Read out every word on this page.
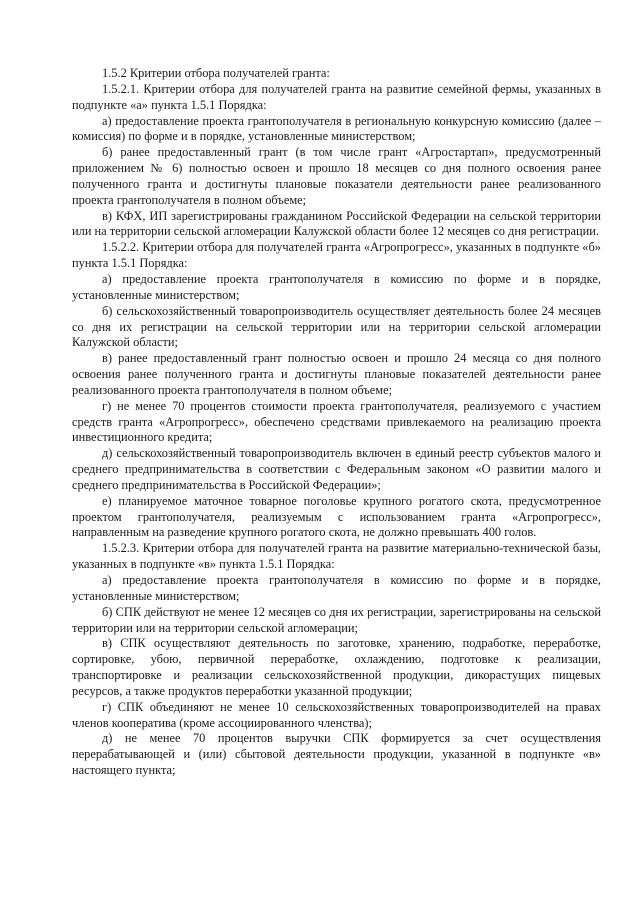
1.5.2 Критерии отбора получателей гранта:

1.5.2.1. Критерии отбора для получателей гранта на развитие семейной фермы, указанных в подпункте «а» пункта 1.5.1 Порядка:

а) предоставление проекта грантополучателя в региональную конкурсную комиссию (далее – комиссия) по форме и в порядке, установленные министерством;

б) ранее предоставленный грант (в том числе грант «Агростартап», предусмотренный приложением № 6) полностью освоен и прошло 18 месяцев со дня полного освоения ранее полученного гранта и достигнуты плановые показатели деятельности ранее реализованного проекта грантополучателя в полном объеме;

в) КФХ, ИП зарегистрированы гражданином Российской Федерации на сельской территории или на территории сельской агломерации Калужской области более 12 месяцев со дня регистрации.

1.5.2.2. Критерии отбора для получателей гранта «Агропрогресс», указанных в подпункте «б» пункта 1.5.1 Порядка:

а) предоставление проекта грантополучателя в комиссию по форме и в порядке, установленные министерством;

б) сельскохозяйственный товаропроизводитель осуществляет деятельность более 24 месяцев со дня их регистрации на сельской территории или на территории сельской агломерации Калужской области;

в) ранее предоставленный грант полностью освоен и прошло 24 месяца со дня полного освоения ранее полученного гранта и достигнуты плановые показателей деятельности ранее реализованного проекта грантополучателя в полном объеме;

г) не менее 70 процентов стоимости проекта грантополучателя, реализуемого с участием средств гранта «Агропрогресс», обеспечено средствами привлекаемого на реализацию проекта инвестиционного кредита;

д) сельскохозяйственный товаропроизводитель включен в единый реестр субъектов малого и среднего предпринимательства в соответствии с Федеральным законом «О развитии малого и среднего предпринимательства в Российской Федерации»;

е) планируемое маточное товарное поголовье крупного рогатого скота, предусмотренное проектом грантополучателя, реализуемым с использованием гранта «Агропрогресс», направленным на разведение крупного рогатого скота, не должно превышать 400 голов.

1.5.2.3. Критерии отбора для получателей гранта на развитие материально-технической базы, указанных в подпункте «в» пункта 1.5.1 Порядка:

а) предоставление проекта грантополучателя в комиссию по форме и в порядке, установленные министерством;

б) СПК действуют не менее 12 месяцев со дня их регистрации, зарегистрированы на сельской территории или на территории сельской агломерации;

в) СПК осуществляют деятельность по заготовке, хранению, подработке, переработке, сортировке, убою, первичной переработке, охлаждению, подготовке к реализации, транспортировке и реализации сельскохозяйственной продукции, дикорастущих пищевых ресурсов, а также продуктов переработки указанной продукции;

г) СПК объединяют не менее 10 сельскохозяйственных товаропроизводителей на правах членов кооператива (кроме ассоциированного членства);

д) не менее 70 процентов выручки СПК формируется за счет осуществления перерабатывающей и (или) сбытовой деятельности продукции, указанной в подпункте «в» настоящего пункта;
